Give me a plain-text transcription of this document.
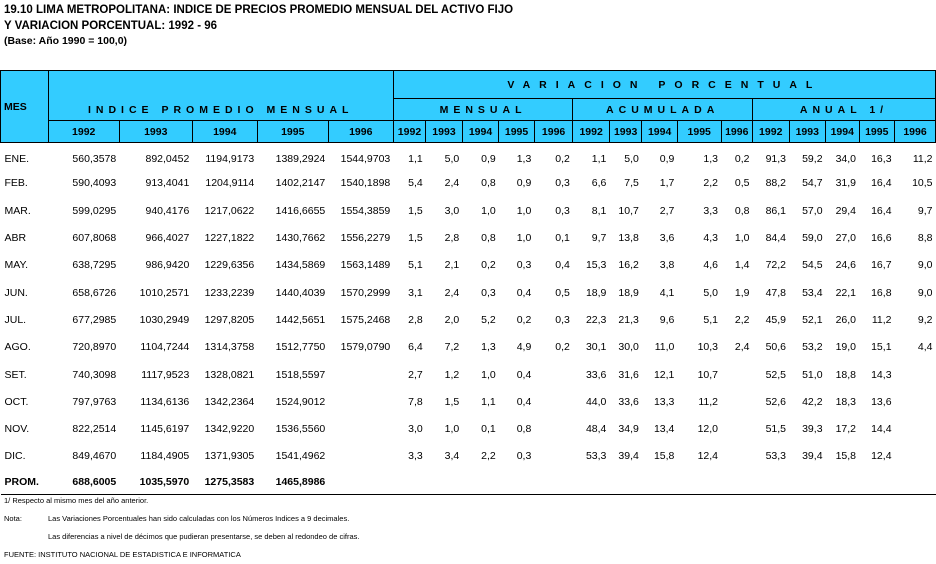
19.10 LIMA METROPOLITANA: INDICE DE PRECIOS PROMEDIO MENSUAL DEL ACTIVO FIJO
Y VARIACION PORCENTUAL: 1992 - 96
(Base: Año 1990 = 100,0)
MES	INDICE PROMEDIO MENSUAL					VARIACION PORCENTUAL														
						MENSUAL					ACUMULADA					ANUAL 1/				
	1992	1993	1994	1995	1996	1992	1993	1994	1995	1996	1992	1993	1994	1995	1996	1992	1993	1994	1995	1996
ENE.	560,3578	892,0452	1194,9173	1389,2924	1544,9703	1,1	5,0	0,9	1,3	0,2	1,1	5,0	0,9	1,3	0,2	91,3	59,2	34,0	16,3	11,2
FEB.	590,4093	913,4041	1204,9114	1402,2147	1540,1898	5,4	2,4	0,8	0,9	0,3	6,6	7,5	1,7	2,2	0,5	88,2	54,7	31,9	16,4	10,5
MAR.	599,0295	940,4176	1217,0622	1416,6655	1554,3859	1,5	3,0	1,0	1,0	0,3	8,1	10,7	2,7	3,3	0,8	86,1	57,0	29,4	16,4	9,7
ABR	607,8068	966,4027	1227,1822	1430,7662	1556,2279	1,5	2,8	0,8	1,0	0,1	9,7	13,8	3,6	4,3	1,0	84,4	59,0	27,0	16,6	8,8
MAY.	638,7295	986,9420	1229,6356	1434,5869	1563,1489	5,1	2,1	0,2	0,3	0,4	15,3	16,2	3,8	4,6	1,4	72,2	54,5	24,6	16,7	9,0
JUN.	658,6726	1010,2571	1233,2239	1440,4039	1570,2999	3,1	2,4	0,3	0,4	0,5	18,9	18,9	4,1	5,0	1,9	47,8	53,4	22,1	16,8	9,0
JUL.	677,2985	1030,2949	1297,8205	1442,5651	1575,2468	2,8	2,0	5,2	0,2	0,3	22,3	21,3	9,6	5,1	2,2	45,9	52,1	26,0	11,2	9,2
AGO.	720,8970	1104,7244	1314,3758	1512,7750	1579,0790	6,4	7,2	1,3	4,9	0,2	30,1	30,0	11,0	10,3	2,4	50,6	53,2	19,0	15,1	4,4
SET.	740,3098	1117,9523	1328,0821	1518,5597		2,7	1,2	1,0	0,4		33,6	31,6	12,1	10,7		52,5	51,0	18,8	14,3	
OCT.	797,9763	1134,6136	1342,2364	1524,9012		7,8	1,5	1,1	0,4		44,0	33,6	13,3	11,2		52,6	42,2	18,3	13,6	
NOV.	822,2514	1145,6197	1342,9220	1536,5560		3,0	1,0	0,1	0,8		48,4	34,9	13,4	12,0		51,5	39,3	17,2	14,4	
DIC.	849,4670	1184,4905	1371,9305	1541,4962		3,3	3,4	2,2	0,3		53,3	39,4	15,8	12,4		53,3	39,4	15,8	12,4	
PROM.	688,6005	1035,5970	1275,3583	1465,8986																
1/ Respecto al mismo mes del año anterior.
Nota:	Las Variaciones Porcentuales han sido calculadas con los Números Indices a 9 decimales.
Las diferencias a nivel de décimos que pudieran presentarse, se deben al redondeo de cifras.
FUENTE: INSTITUTO NACIONAL DE ESTADISTICA E INFORMATICA
